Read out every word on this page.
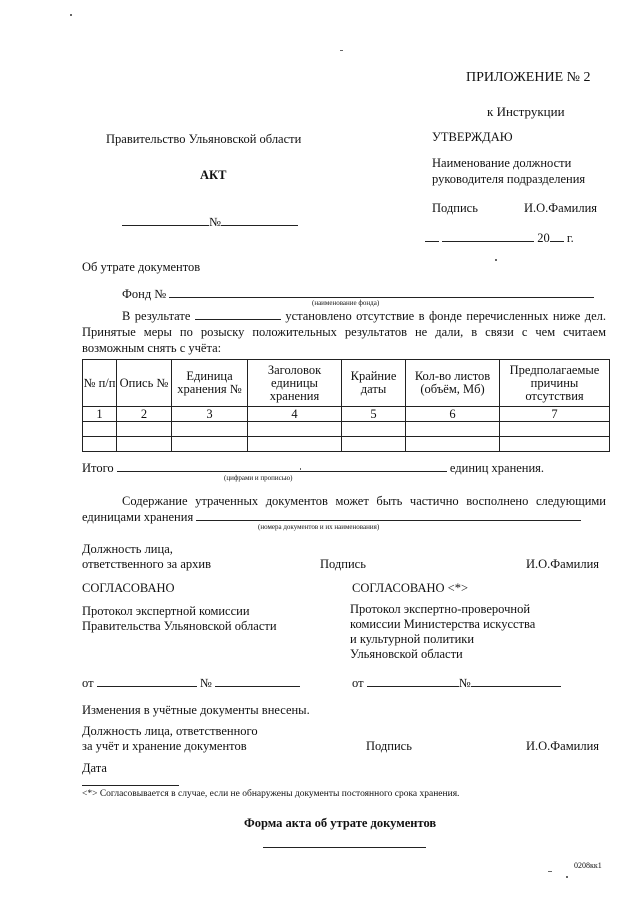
ПРИЛОЖЕНИЕ № 2
к Инструкции
Правительство Ульяновской области
АКТ
№
УТВЕРЖДАЮ
Наименование должности
руководителя подразделения
Подпись	И.О.Фамилия
20 г.
Об утрате документов
Фонд №
(наименование фонда)
В результате	установлено отсутствие в фонде перечисленных ниже дел. Принятые меры по розыску положительных результатов не дали, в связи с чем считаем возможным снять с учёта:
№ п/п	Опись №	Единица хранения №	Заголовок единицы хранения	Крайние даты	Кол-во листов (объём, Мб)	Предполагаемые причины отсутствия
1	2	3	4	5	6	7

Итого	единиц хранения.
(цифрами и прописью)
Содержание утраченных документов может быть частично восполнено следующими единицами хранения
(номера документов и их наименования)
Должность лица,
ответственного за архив	Подпись	И.О.Фамилия
СОГЛАСОВАНО
Протокол экспертной комиссии
Правительства Ульяновской области
СОГЛАСОВАНО <*>
Протокол экспертно-проверочной
комиссии Министерства искусства
и культурной политики
Ульяновской области
от	№	от	№
Изменения в учётные документы внесены.
Должность лица, ответственного
за учёт и хранение документов	Подпись	И.О.Фамилия
Дата
<*> Согласовывается в случае, если не обнаружены документы постоянного срока хранения.
Форма акта об утрате документов
0208кк1
